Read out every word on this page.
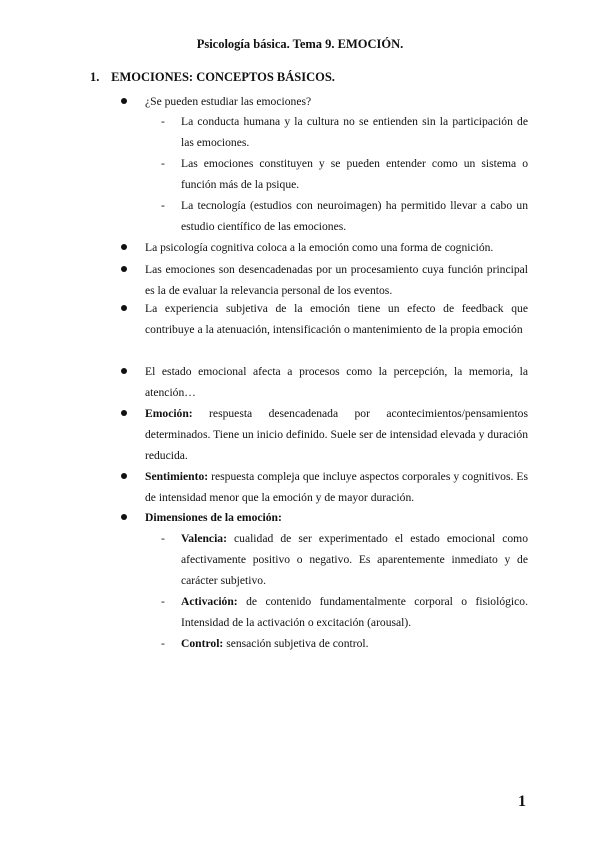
Psicología básica. Tema 9. EMOCIÓN.
1. EMOCIONES: CONCEPTOS BÁSICOS.
¿Se pueden estudiar las emociones?
-	La conducta humana y la cultura no se entienden sin la participación de las emociones.
-	Las emociones constituyen y se pueden entender como un sistema o función más de la psique.
-	La tecnología (estudios con neuroimagen) ha permitido llevar a cabo un estudio científico de las emociones.
La psicología cognitiva coloca a la emoción como una forma de cognición.
Las emociones son desencadenadas por un procesamiento cuya función principal es la de evaluar la relevancia personal de los eventos.
La experiencia subjetiva de la emoción tiene un efecto de feedback que contribuye a la atenuación, intensificación o mantenimiento de la propia emoción
El estado emocional afecta a procesos como la percepción, la memoria, la atención…
Emoción: respuesta desencadenada por acontecimientos/pensamientos determinados. Tiene un inicio definido. Suele ser de intensidad elevada y duración reducida.
Sentimiento: respuesta compleja que incluye aspectos corporales y cognitivos. Es de intensidad menor que la emoción y de mayor duración.
Dimensiones de la emoción:
-	Valencia: cualidad de ser experimentado el estado emocional como afectivamente positivo o negativo. Es aparentemente inmediato y de carácter subjetivo.
-	Activación: de contenido fundamentalmente corporal o fisiológico. Intensidad de la activación o excitación (arousal).
-	Control: sensación subjetiva de control.
1
